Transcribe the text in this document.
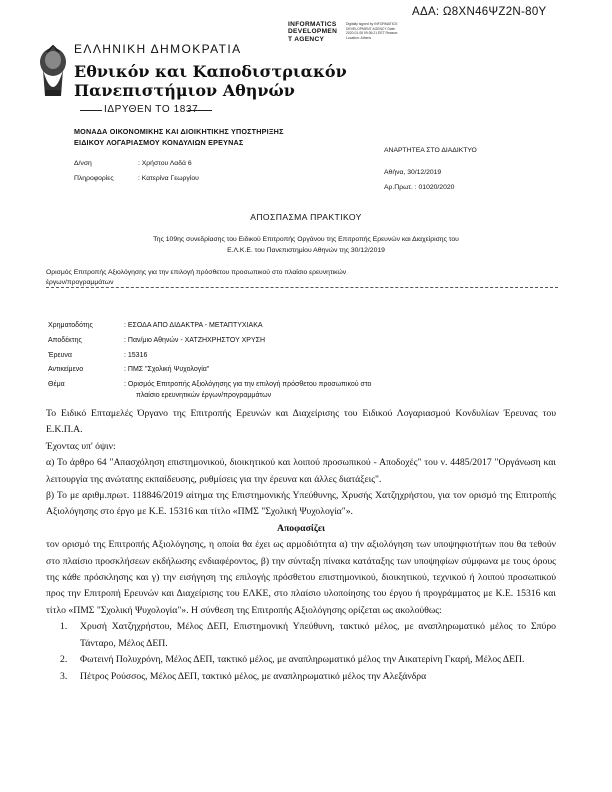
ΑΔΑ: Ω8ΧΝ46ΨΖ2Ν-80Υ
INFORMATICS
DEVELOPMEN
T AGENCY
Digitally signed by INFORMATICS DEVELOPMENT AGENCY Date: 2020.01.08 09:36:21 EET Reason: Location: Athens
ΕΛΛΗΝΙΚΗ ΔΗΜΟΚΡΑΤΙΑ
Εθνικόν και Καποδιστριακόν
Πανεπιστήμιον Αθηνών
ΙΔΡΥΘΕΝ ΤΟ 1837
ΜΟΝΑΔΑ ΟΙΚΟΝΟΜΙΚΗΣ ΚΑΙ ΔΙΟΙΚΗΤΙΚΗΣ ΥΠΟΣΤΗΡΙΞΗΣ
ΕΙΔΙΚΟΥ ΛΟΓΑΡΙΑΣΜΟΥ ΚΟΝΔΥΛΙΩΝ ΕΡΕΥΝΑΣ
Δ/νση	: Χρήστου Λαδά 6
Πληροφορίες	: Κατερίνα Γεωργίου
ΑΝΑΡΤΗΤΕΑ ΣΤΟ ΔΙΑΔΙΚΤΥΟ
Αθήνα, 30/12/2019
Αρ.Πρωτ. : 01020/2020
ΑΠΟΣΠΑΣΜΑ ΠΡΑΚΤΙΚΟΥ
Της 109ης συνεδρίασης του Ειδικού Επιτροπής Οργάνου της Επιτροπής Ερευνών και Διαχείρισης του
Ε.Λ.Κ.Ε. του Πανεπιστημίου Αθηνών της 30/12/2019
Ορισμός Επιτροπής Αξιολόγησης για την επιλογή πρόσθετου προσωπικού στο πλαίσιο ερευνητικών
έργων/προγραμμάτων
Χρηματοδότης	: ΕΣΟΔΑ ΑΠΟ ΔΙΔΑΚΤΡΑ - ΜΕΤΑΠΤΥΧΙΑΚΑ
Αποδέκτης	: Παν/μιο Αθηνών - ΧΑΤΖΗΧΡΗΣΤΟΥ ΧΡΥΣΗ
Έρευνα	: 15316
Αντικείμενο	: ΠΜΣ "Σχολική Ψυχολογία"
Θέμα	: Ορισμός Επιτροπής Αξιολόγησης για την επιλογή πρόσθετου προσωπικού στο
πλαίσιο ερευνητικών έργων/προγραμμάτων
Το Ειδικό Επταμελές Όργανο της Επιτροπής Ερευνών και Διαχείρισης του Ειδικού Λογαριασμού Κονδυλίων Έρευνας του Ε.Κ.Π.Α.
Έχοντας υπ' όψιν:
α) Το άρθρο 64 "Απασχόληση επιστημονικού, διοικητικού και λοιπού προσωπικού - Αποδοχές" του ν. 4485/2017 "Οργάνωση και λειτουργία της ανώτατης εκπαίδευσης, ρυθμίσεις για την έρευνα και άλλες διατάξεις".
β) Το με αριθμ.πρωτ. 118846/2019 αίτημα της Επιστημονικής Υπεύθυνης, Χρυσής Χατζηχρήστου, για τον ορισμό της Επιτροπής Αξιολόγησης στο έργο με Κ.Ε. 15316 και τίτλο «ΠΜΣ "Σχολική Ψυχολογία"».
Αποφασίζει
τον ορισμό της Επιτροπής Αξιολόγησης, η οποία θα έχει ως αρμοδιότητα α) την αξιολόγηση των υποψηφιοτήτων που θα τεθούν στο πλαίσιο προσκλήσεων εκδήλωσης ενδιαφέροντος, β) την σύνταξη πίνακα κατάταξης των υποψηφίων σύμφωνα με τους όρους της κάθε πρόσκλησης και γ) την εισήγηση της επιλογής πρόσθετου επιστημονικού, διοικητικού, τεχνικού ή λοιπού προσωπικού προς την Επιτροπή Ερευνών και Διαχείρισης του ΕΛΚΕ, στο πλαίσιο υλοποίησης του έργου ή προγράμματος με Κ.Ε. 15316 και τίτλο «ΠΜΣ "Σχολική Ψυχολογία"». Η σύνθεση της Επιτροπής Αξιολόγησης ορίζεται ως ακολούθως:
1.	Χρυσή Χατζηχρήστου, Μέλος ΔΕΠ, Επιστημονική Υπεύθυνη, τακτικό μέλος, με αναπληρωματικό μέλος το Σπύρο Τάνταρο, Μέλος ΔΕΠ.
2.	Φωτεινή Πολυχρόνη, Μέλος ΔΕΠ, τακτικό μέλος, με αναπληρωματικό μέλος την Αικατερίνη Γκαρή, Μέλος ΔΕΠ.
3.	Πέτρος Ρούσσος, Μέλος ΔΕΠ, τακτικό μέλος, με αναπληρωματικό μέλος την Αλεξάνδρα
